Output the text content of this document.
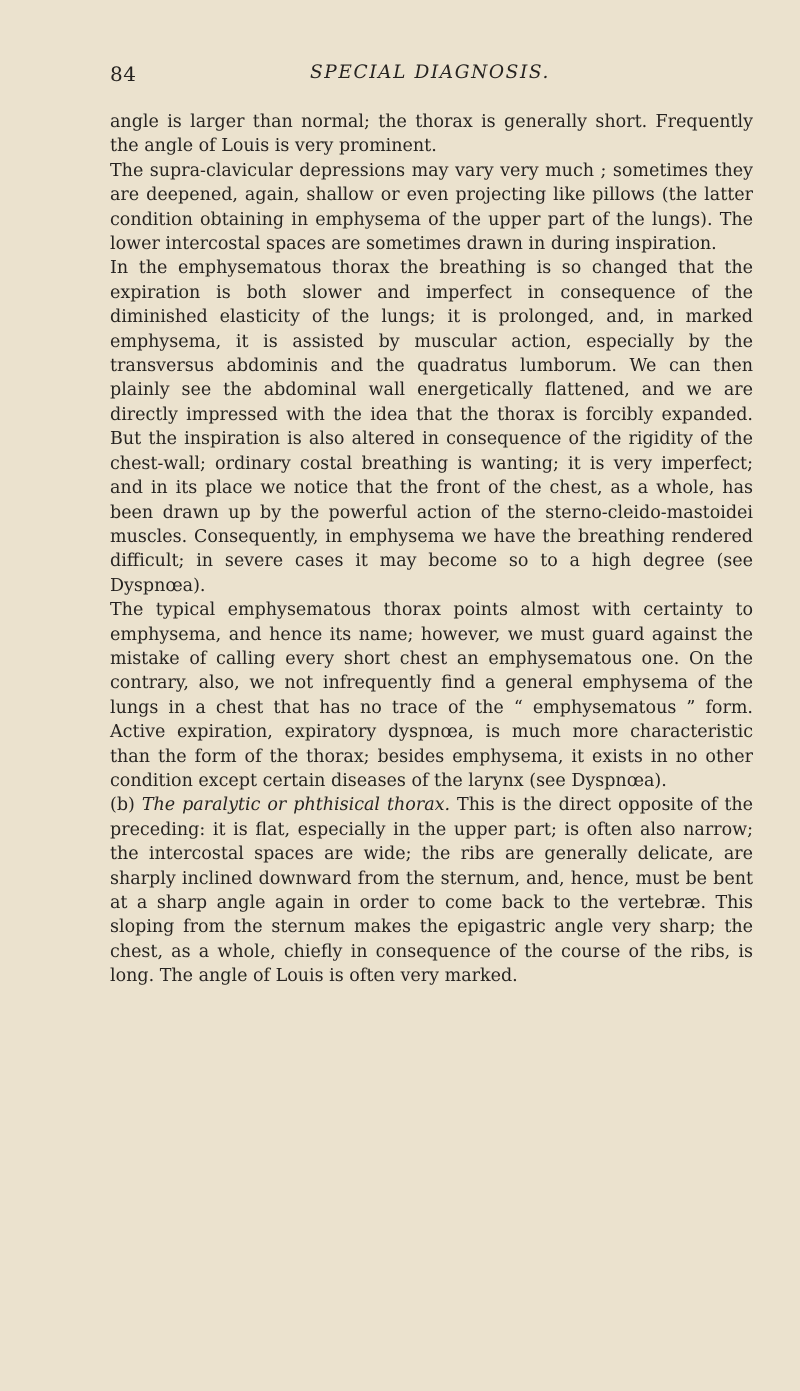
84	SPECIAL DIAGNOSIS.

angle is larger than normal; the thorax is generally short. Frequently the angle of Louis is very prominent.

The supra-clavicular depressions may vary very much ; sometimes they are deepened, again, shallow or even projecting like pillows (the latter condition obtaining in emphysema of the upper part of the lungs). The lower intercostal spaces are sometimes drawn in during inspiration.

In the emphysematous thorax the breathing is so changed that the expiration is both slower and imperfect in consequence of the diminished elasticity of the lungs; it is prolonged, and, in marked emphysema, it is assisted by muscular action, especially by the transversus abdominis and the quadratus lumborum. We can then plainly see the abdominal wall energetically flattened, and we are directly impressed with the idea that the thorax is forcibly expanded. But the inspiration is also altered in consequence of the rigidity of the chest-wall; ordinary costal breathing is wanting; it is very imperfect; and in its place we notice that the front of the chest, as a whole, has been drawn up by the powerful action of the sterno-cleido-mastoidei muscles. Consequently, in emphysema we have the breathing rendered difficult; in severe cases it may become so to a high degree (see Dyspnœa).

The typical emphysematous thorax points almost with certainty to emphysema, and hence its name; however, we must guard against the mistake of calling every short chest an emphysematous one. On the contrary, also, we not infrequently find a general emphysema of the lungs in a chest that has no trace of the “ emphysematous ” form. Active expiration, expiratory dyspnœa, is much more characteristic than the form of the thorax; besides emphysema, it exists in no other condition except certain diseases of the larynx (see Dyspnœa).

(b) The paralytic or phthisical thorax. This is the direct opposite of the preceding: it is flat, especially in the upper part; is often also narrow; the intercostal spaces are wide; the ribs are generally delicate, are sharply inclined downward from the sternum, and, hence, must be bent at a sharp angle again in order to come back to the vertebræ. This sloping from the sternum makes the epigastric angle very sharp; the chest, as a whole, chiefly in consequence of the course of the ribs, is long. The angle of Louis is often very marked.
